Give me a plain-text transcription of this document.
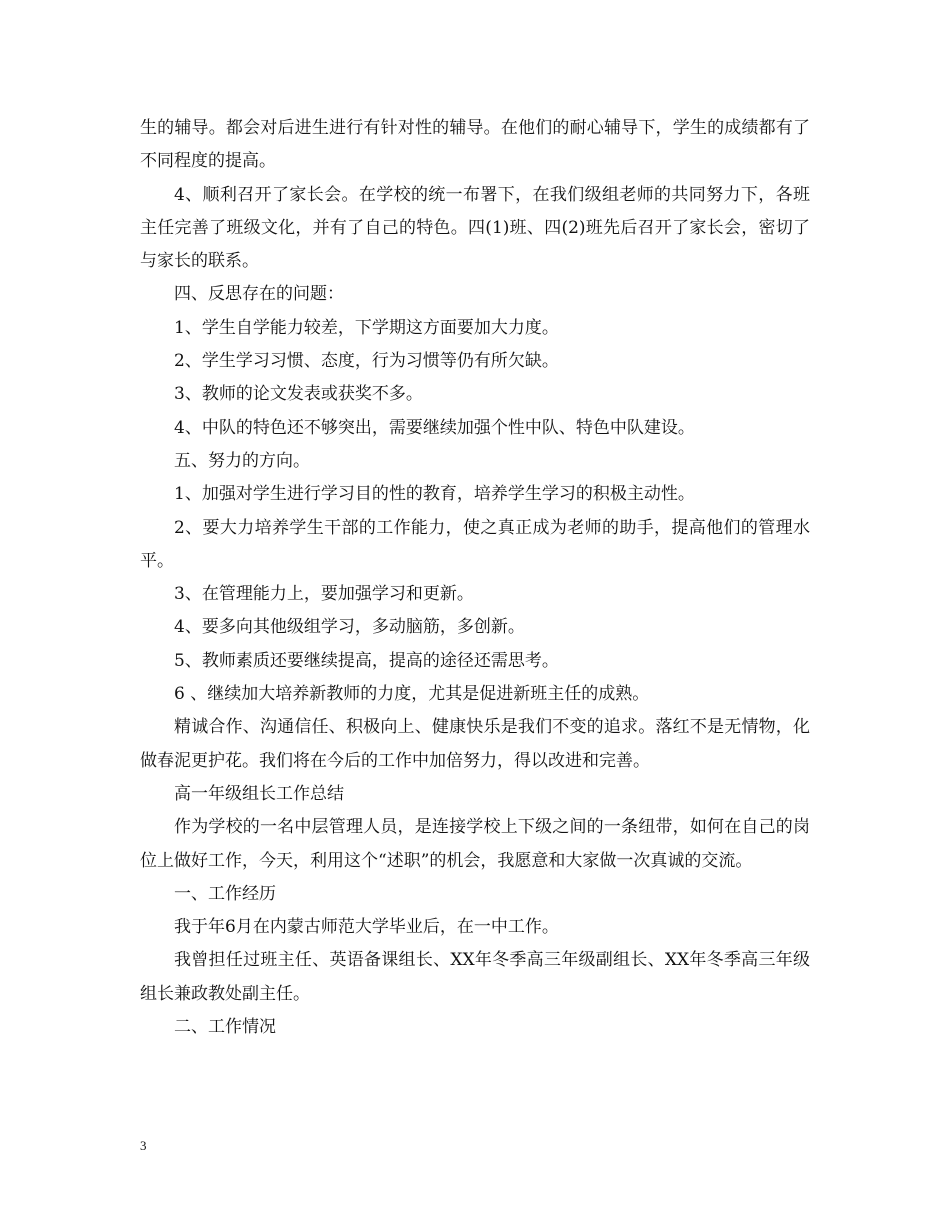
生的辅导。都会对后进生进行有针对性的辅导。在他们的耐心辅导下，学生的成绩都有了不同程度的提高。

4、顺利召开了家长会。在学校的统一布署下，在我们级组老师的共同努力下，各班主任完善了班级文化，并有了自己的特色。四(1)班、四(2)班先后召开了家长会，密切了与家长的联系。

四、反思存在的问题：

1、学生自学能力较差，下学期这方面要加大力度。

2、学生学习习惯、态度，行为习惯等仍有所欠缺。

3、教师的论文发表或获奖不多。

4、中队的特色还不够突出，需要继续加强个性中队、特色中队建设。

五、努力的方向。

1、加强对学生进行学习目的性的教育，培养学生学习的积极主动性。

2、要大力培养学生干部的工作能力，使之真正成为老师的助手，提高他们的管理水平。

3、在管理能力上，要加强学习和更新。

4、要多向其他级组学习，多动脑筋，多创新。

5、教师素质还要继续提高，提高的途径还需思考。

6 、继续加大培养新教师的力度，尤其是促进新班主任的成熟。

精诚合作、沟通信任、积极向上、健康快乐是我们不变的追求。落红不是无情物，化做春泥更护花。我们将在今后的工作中加倍努力，得以改进和完善。

高一年级组长工作总结

作为学校的一名中层管理人员，是连接学校上下级之间的一条纽带，如何在自己的岗位上做好工作，今天，利用这个“述职”的机会，我愿意和大家做一次真诚的交流。

一、工作经历

我于年6月在内蒙古师范大学毕业后，在一中工作。

我曾担任过班主任、英语备课组长、XX年冬季高三年级副组长、XX年冬季高三年级组长兼政教处副主任。

二、工作情况

3
